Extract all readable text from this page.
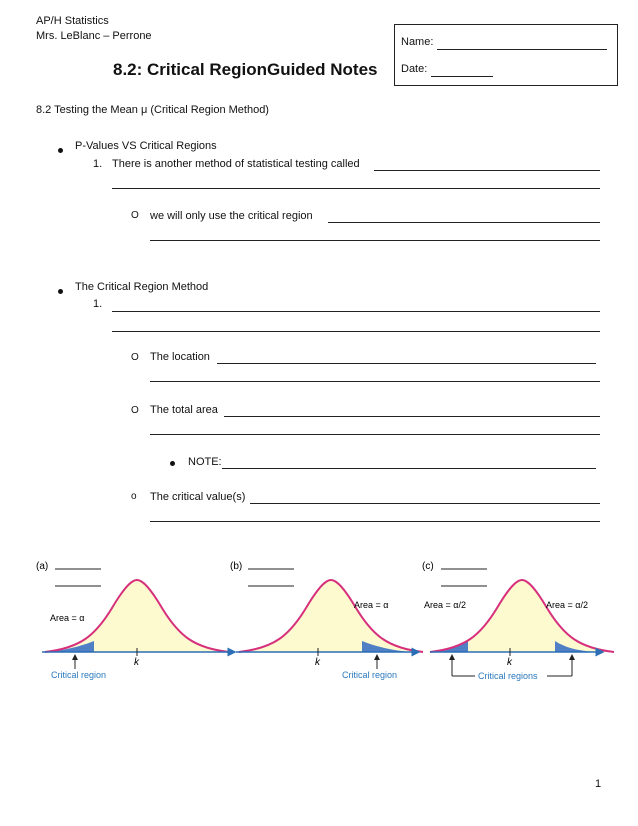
AP/H Statistics
Mrs. LeBlanc – Perrone
8.2: Critical RegionGuided Notes
Name:
Date:
8.2 Testing the Mean μ (Critical Region Method)
P-Values VS Critical Regions
1. There is another method of statistical testing called
O we will only use the critical region
The Critical Region Method
1.
O The location
O The total area
NOTE:
o The critical value(s)
(a)
k
Area = α
Critical region
(b)
k
Area = α
Critical region
(c)
k
Area = α/2	Area = α/2
Critical regions
1
